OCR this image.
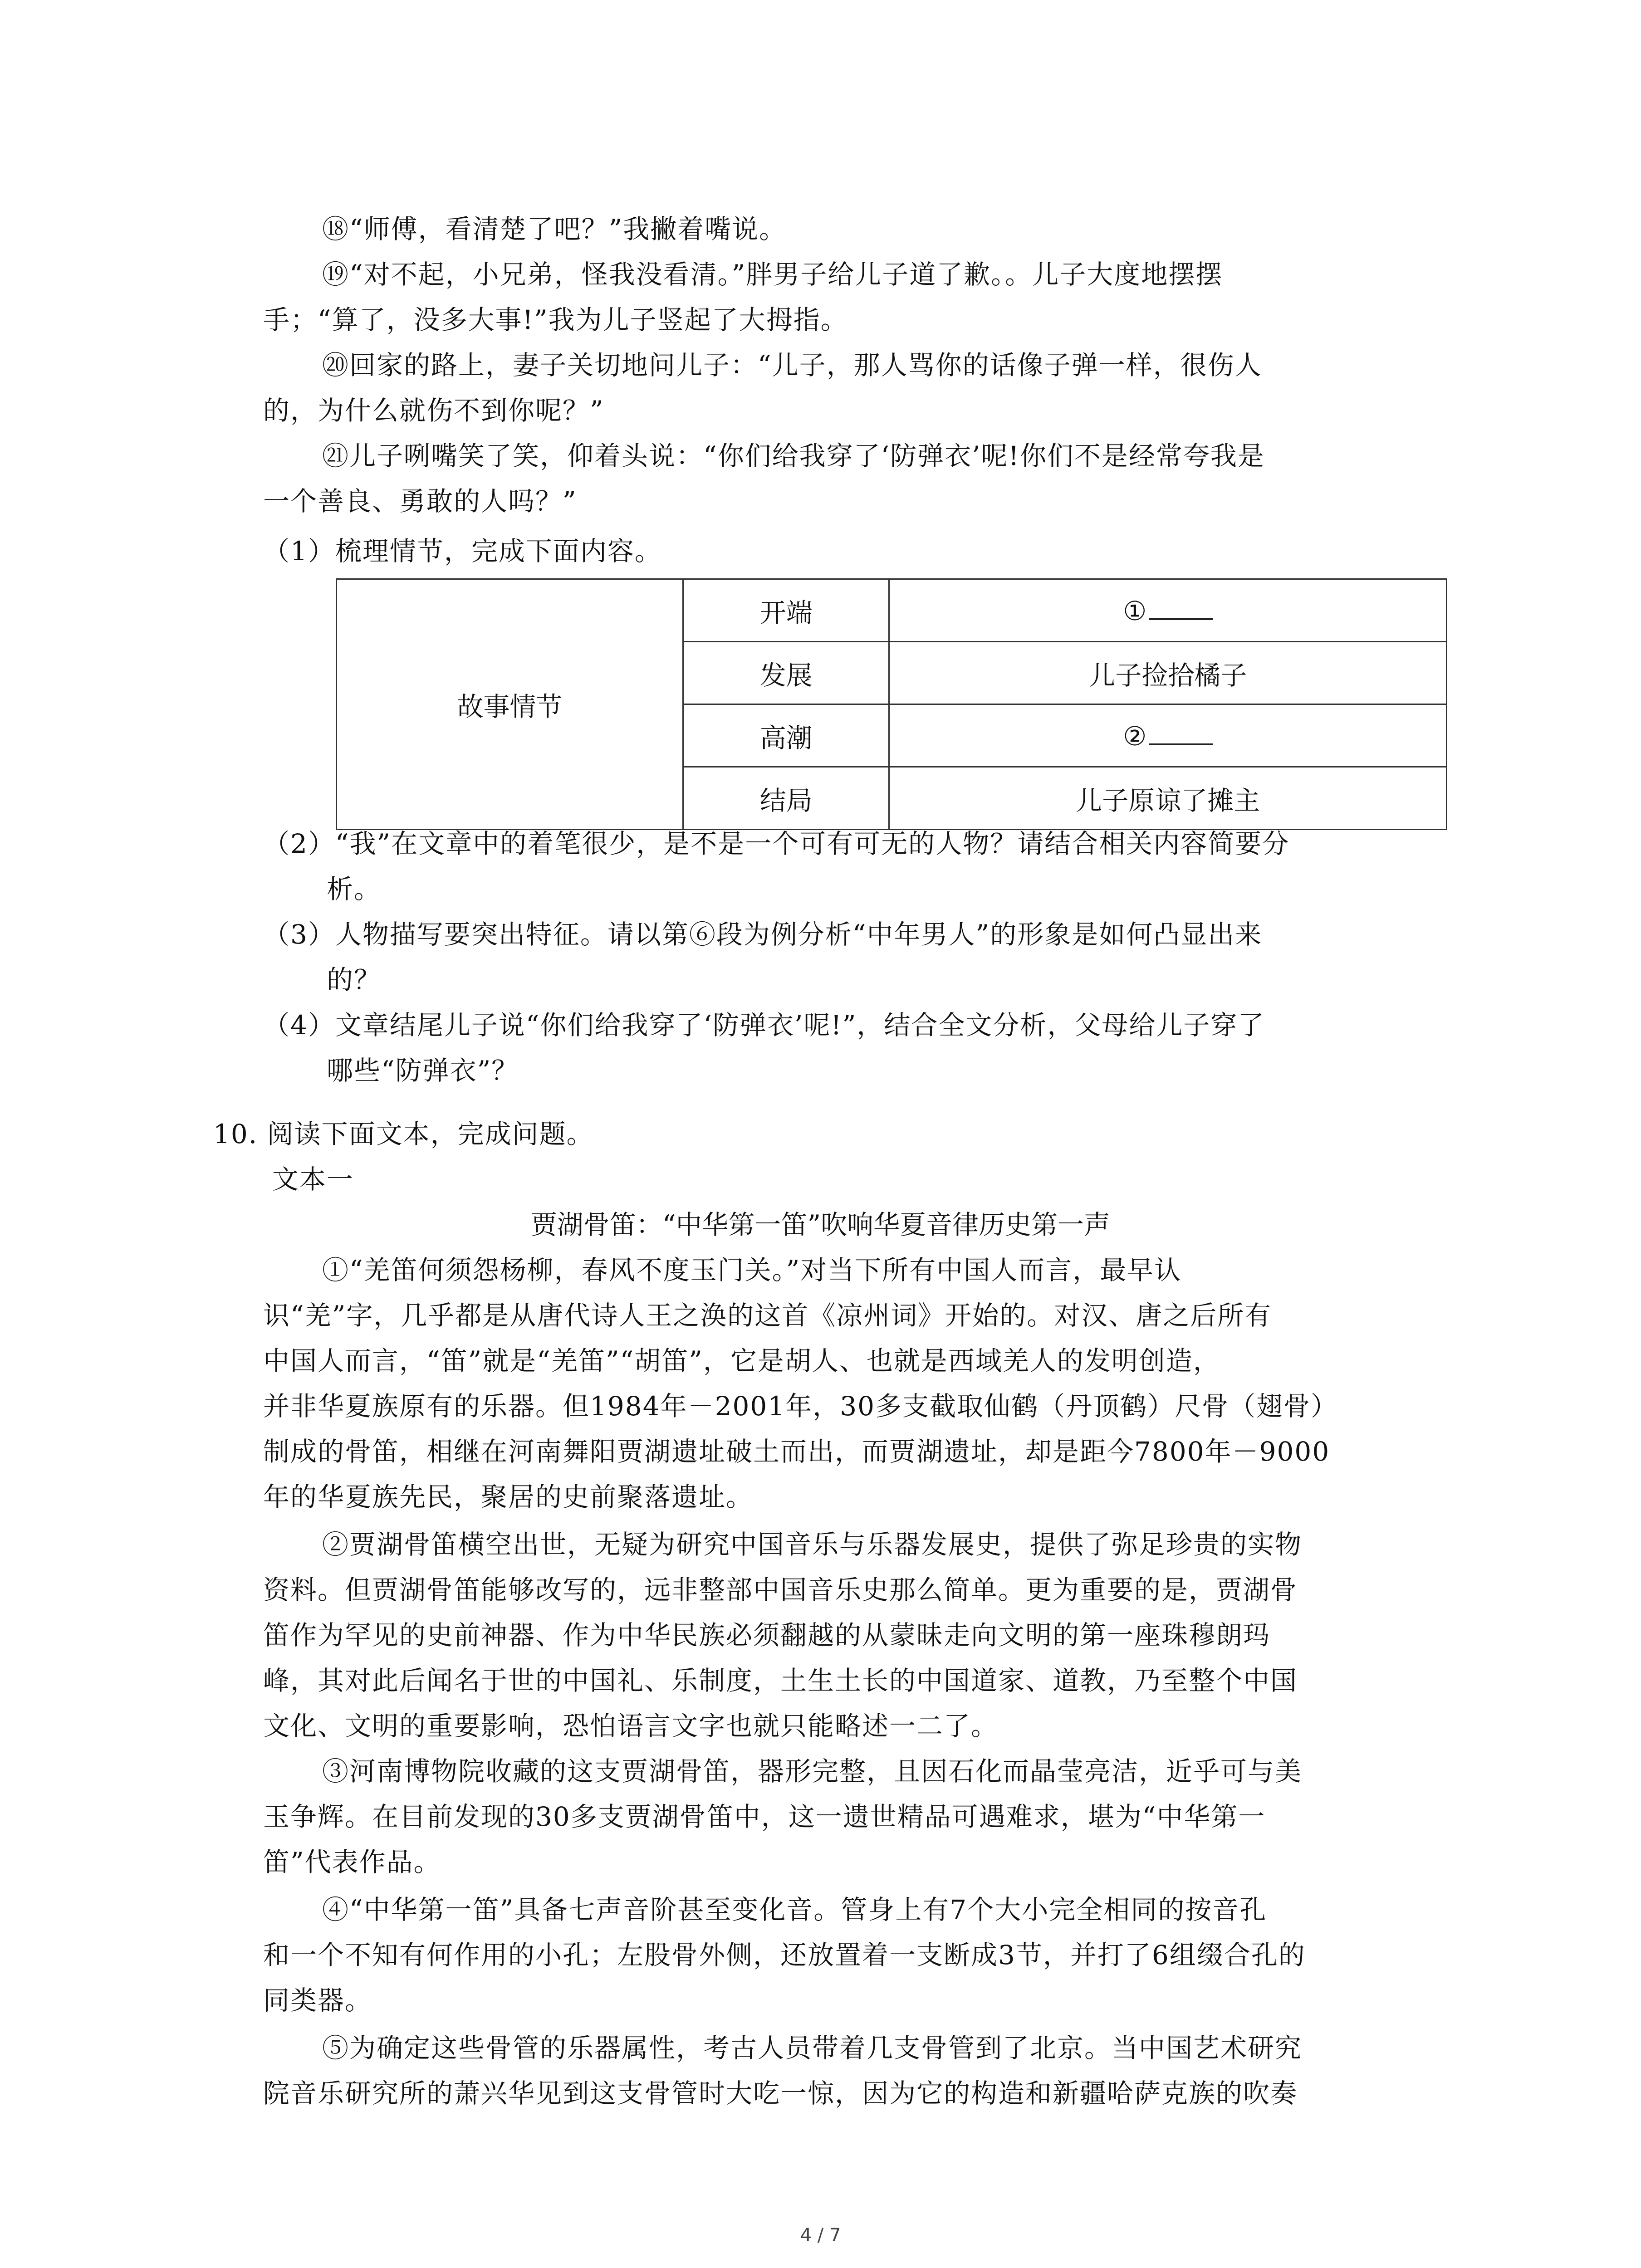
⑱“师傅，看清楚了吧？”我撇着嘴说。
⑲“对不起，小兄弟，怪我没看清。”胖男子给儿子道了歉。。儿子大度地摆摆
手；“算了，没多大事!”我为儿子竖起了大拇指。
⑳回家的路上，妻子关切地问儿子：“儿子，那人骂你的话像子弹一样，很伤人
的，为什么就伤不到你呢？”
㉑儿子咧嘴笑了笑，仰着头说：“你们给我穿了‘防弹衣’呢!你们不是经常夸我是
一个善良、勇敢的人吗？”
（1）梳理情节，完成下面内容。
故事情节	开端	①
	发展	儿子捡拾橘子
	高潮	②
	结局	儿子原谅了摊主
（2）“我”在文章中的着笔很少，是不是一个可有可无的人物？请结合相关内容简要分
析。
（3）人物描写要突出特征。请以第⑥段为例分析“中年男人”的形象是如何凸显出来
的？
（4）文章结尾儿子说“你们给我穿了‘防弹衣’呢!”，结合全文分析，父母给儿子穿了
哪些“防弹衣”？
10. 阅读下面文本，完成问题。
文本一
贾湖骨笛：“中华第一笛”吹响华夏音律历史第一声
①“羌笛何须怨杨柳，春风不度玉门关。”对当下所有中国人而言，最早认
识“羌”字，几乎都是从唐代诗人王之涣的这首《凉州词》开始的。对汉、唐之后所有
中国人而言，“笛”就是“羌笛”“胡笛”，它是胡人、也就是西域羌人的发明创造，
并非华夏族原有的乐器。但1984年－2001年，30多支截取仙鹤（丹顶鹤）尺骨（翅骨）
制成的骨笛，相继在河南舞阳贾湖遗址破土而出，而贾湖遗址，却是距今7800年－9000
年的华夏族先民，聚居的史前聚落遗址。
②贾湖骨笛横空出世，无疑为研究中国音乐与乐器发展史，提供了弥足珍贵的实物
资料。但贾湖骨笛能够改写的，远非整部中国音乐史那么简单。更为重要的是，贾湖骨
笛作为罕见的史前神器、作为中华民族必须翻越的从蒙昧走向文明的第一座珠穆朗玛
峰，其对此后闻名于世的中国礼、乐制度，土生土长的中国道家、道教，乃至整个中国
文化、文明的重要影响，恐怕语言文字也就只能略述一二了。
③河南博物院收藏的这支贾湖骨笛，器形完整，且因石化而晶莹亮洁，近乎可与美
玉争辉。在目前发现的30多支贾湖骨笛中，这一遗世精品可遇难求，堪为“中华第一
笛”代表作品。
④“中华第一笛”具备七声音阶甚至变化音。管身上有7个大小完全相同的按音孔
和一个不知有何作用的小孔；左股骨外侧，还放置着一支断成3节，并打了6组缀合孔的
同类器。
⑤为确定这些骨管的乐器属性，考古人员带着几支骨管到了北京。当中国艺术研究
院音乐研究所的萧兴华见到这支骨管时大吃一惊，因为它的构造和新疆哈萨克族的吹奏
4 / 7
